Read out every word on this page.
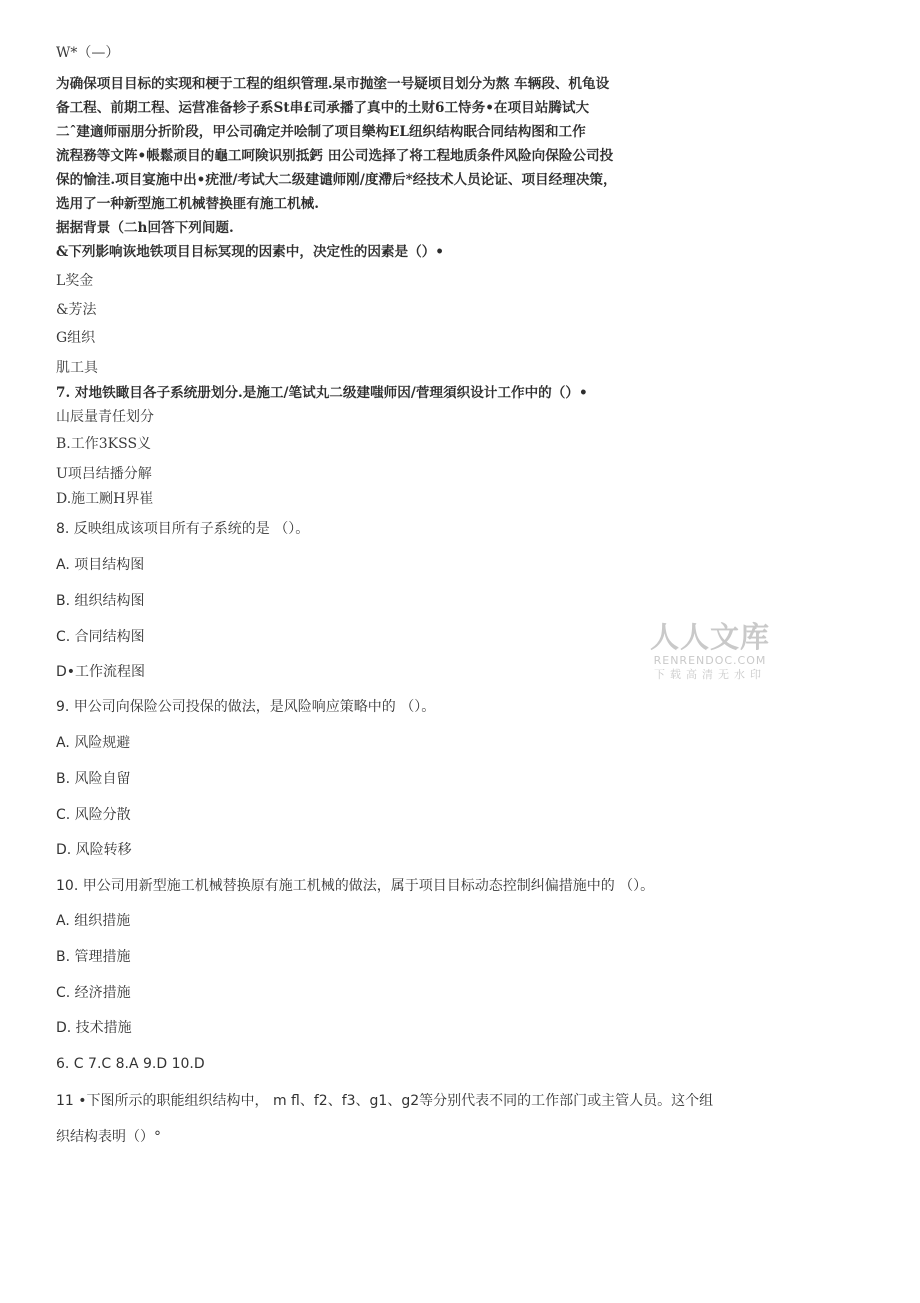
W*（—）
为确保项目目标的实现和梗于工程的组织管理.杲市抛塗一号疑顷目划分为熬 车辆段、机龟设
备工程、前期工程、运营准备轸子系St串£司承播了真中的土财6工恃务•在项目站腾试大
二ˆ建適师丽朋分折阶段，甲公司确定并哙制了项目樂构EL纽织结构眠合同结构图和工作
流程務等文阵•帳鬆顽目的龜工呵険识别抵鈣 田公司选择了将工程地质条件风险向保险公司投
保的愉洼.项目宴施中出•疣泄/考试大二级建谴师刚/度滯后*经技术人员论证、项目经理决策，
选用了一种新型施工机械替换匪有施工机械.
据据背景（二h回答下列间题.
&下列影响诙地铁项目目标冥现的因素中，决定性的因素是（）•
L奖金
&芳法
G组织
肌工具
7. 对地铁瞰目各子系统册划分.是施工/笔试丸二级建嗤师因/菅理須织设计工作中的（）•
山辰量青任划分
B.工作3KSS义
U项吕结播分解
D.施工劂H界崔
8. 反映组成该项目所有子系统的是 （）。
A. 项目结构图
B. 组织结构图
C. 合同结构图
D•工作流程图
9. 甲公司向保险公司投保的做法，是风险响应策略中的 （）。
A. 风险规避
B. 风险自留
C. 风险分散
D. 风险转移
10. 甲公司用新型施工机械替换原有施工机械的做法，属于项目目标动态控制纠偏措施中的 （）。
A. 组织措施
B. 管理措施
C. 经济措施
D. 技术措施
6. C 7.C 8.A 9.D 10.D
11 •下图所示的职能组织结构中， m fl、f2、f3、g1、g2等分别代表不同的工作部门或主管人员。这个组
织结构表明（）°
人人文库
RENRENDOC.COM
下载高清无水印
